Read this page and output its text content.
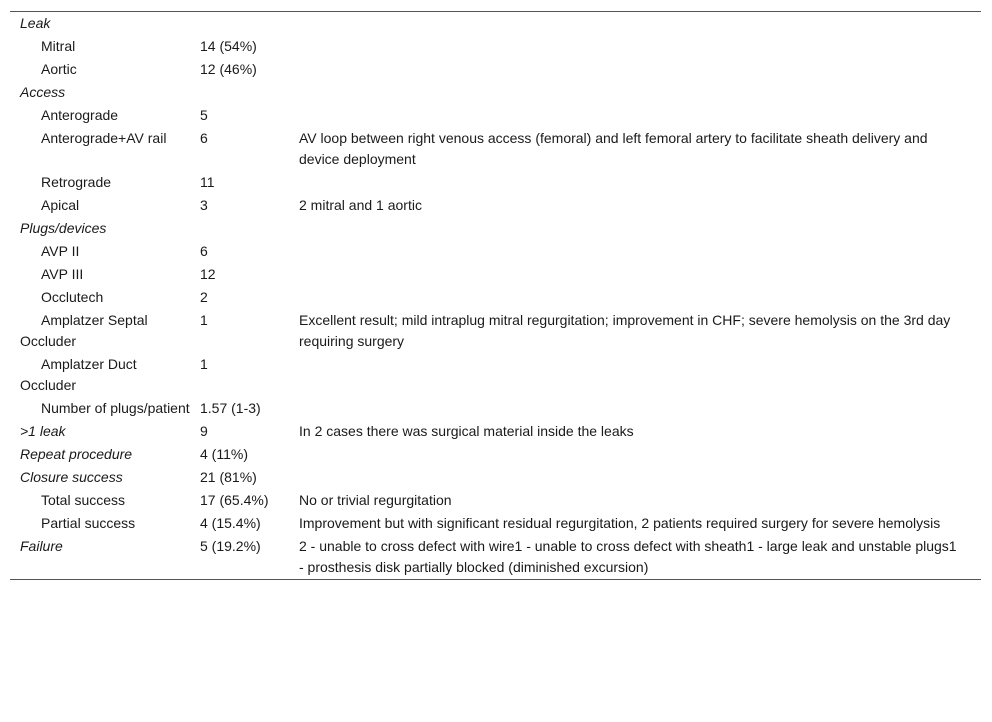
Leak		
Mitral	14 (54%)	
Aortic	12 (46%)	
Access		
Anterograde	5	
Anterograde+AV rail	6	AV loop between right venous access (femoral) and left femoral artery to facilitate sheath delivery and device deployment
Retrograde	11	
Apical	3	2 mitral and 1 aortic
Plugs/devices		
AVP II	6	
AVP III	12	
Occlutech	2	
Amplatzer Septal Occluder	1	Excellent result; mild intraplug mitral regurgitation; improvement in CHF; severe hemolysis on the 3rd day requiring surgery
Amplatzer Duct Occluder	1	
Number of plugs/patient	1.57 (1-3)	
>1 leak	9	In 2 cases there was surgical material inside the leaks
Repeat procedure	4 (11%)	
Closure success	21 (81%)	
Total success	17 (65.4%)	No or trivial regurgitation
Partial success	4 (15.4%)	Improvement but with significant residual regurgitation, 2 patients required surgery for severe hemolysis
Failure	5 (19.2%)	2 - unable to cross defect with wire1 - unable to cross defect with sheath1 - large leak and unstable plugs1 - prosthesis disk partially blocked (diminished excursion)
